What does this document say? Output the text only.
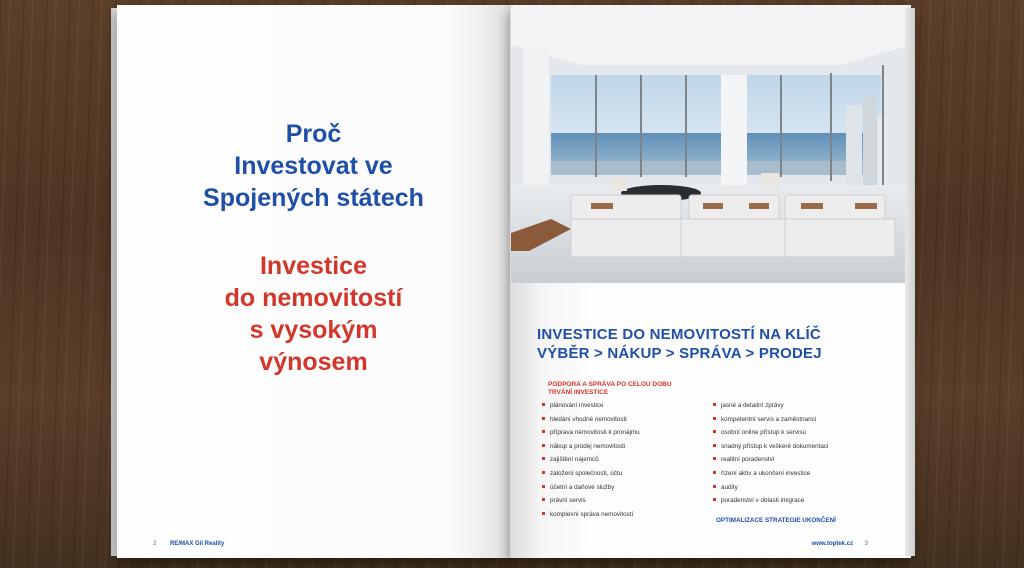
Proč
Investovat ve
Spojených státech
Investice
do nemovitostí
s vysokým
výnosem
2 RE/MAX Gil Reality
INVESTICE DO NEMOVITOSTÍ NA KLÍČ
VÝBĚR > NÁKUP > SPRÁVA > PRODEJ
PODPORA A SPRÁVA PO CELOU DOBU
TRVÁNÍ INVESTICE
plánování investice
hledání vhodné nemovitosti
příprava nemovitosti k pronájmu
nákup a prodej nemovitostí
zajištění nájemců
založení společnosti, účtu
účetní a daňové služby
právní servis
komplexní správa nemovitostí
jasné a detailní zprávy
kompetentní servis a zaměstnanci
osobní online přístup k servisu
snadný přístup k veškeré dokumentaci
realitní poradenství
řízení aktiv a ukončení investice
audity
poradenství v oblasti imigrace
OPTIMALIZACE STRATEGIE UKONČENÍ
www.toptek.cz 3
